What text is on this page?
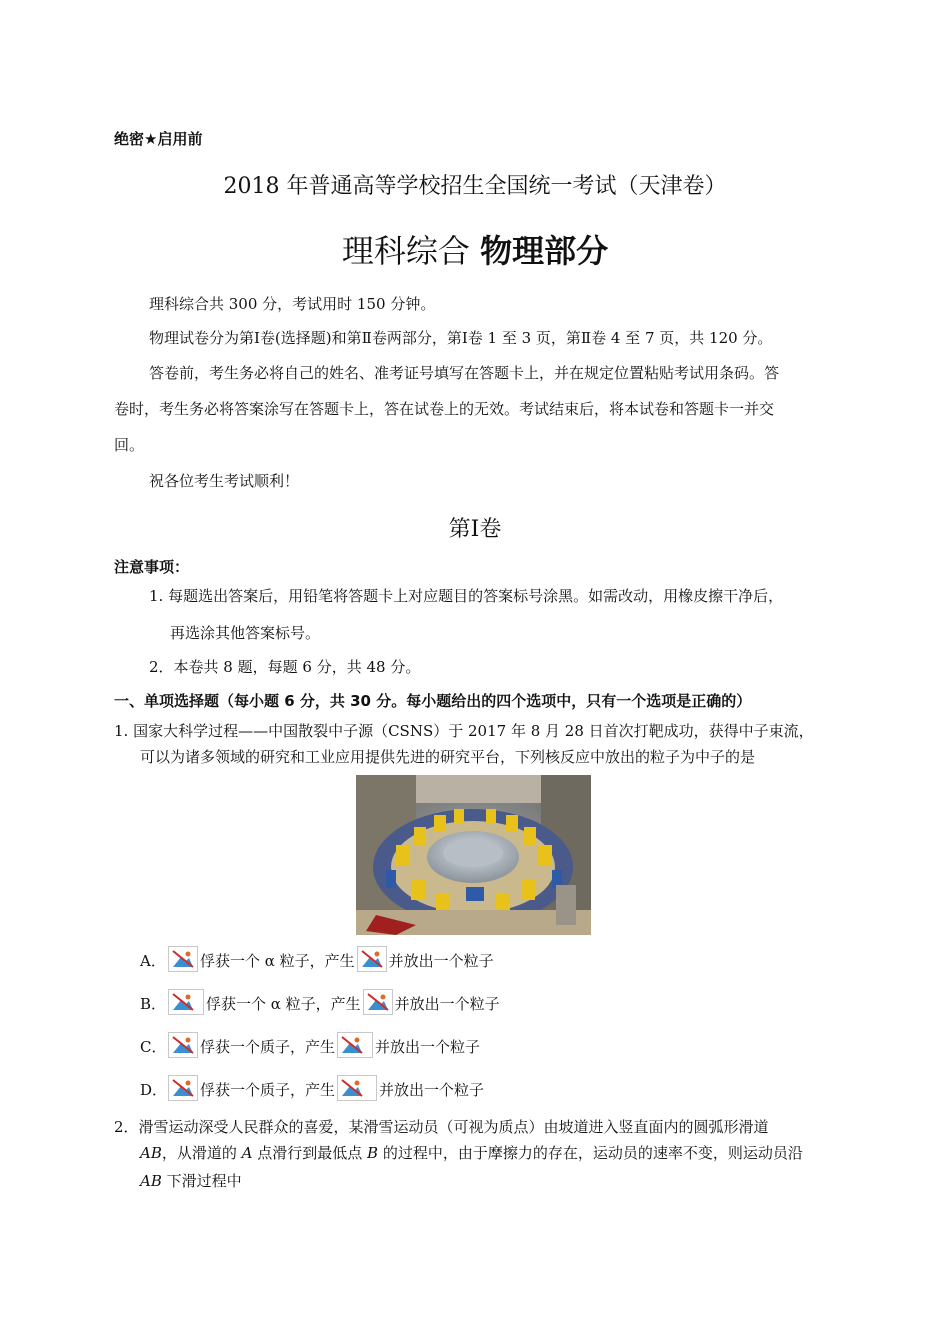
绝密★启用前
2018 年普通高等学校招生全国统一考试（天津卷）
理科综合 物理部分
理科综合共 300 分，考试用时 150 分钟。
物理试卷分为第Ⅰ卷(选择题)和第Ⅱ卷两部分，第Ⅰ卷 1 至 3 页，第Ⅱ卷 4 至 7 页，共 120 分。
答卷前，考生务必将自己的姓名、准考证号填写在答题卡上，并在规定位置粘贴考试用条码。答
卷时，考生务必将答案涂写在答题卡上，答在试卷上的无效。考试结束后，将本试卷和答题卡一并交
回。
祝各位考生考试顺利！
第Ⅰ卷
注意事项：
1. 每题选出答案后，用铅笔将答题卡上对应题目的答案标号涂黑。如需改动，用橡皮擦干净后，
再选涂其他答案标号。
2．本卷共 8 题，每题 6 分，共 48 分。
一、单项选择题（每小题 6 分，共 30 分。每小题给出的四个选项中，只有一个选项是正确的）
1. 国家大科学过程——中国散裂中子源（CSNS）于 2017 年 8 月 28 日首次打靶成功，获得中子束流，
可以为诸多领域的研究和工业应用提供先进的研究平台，下列核反应中放出的粒子为中子的是
A． 俘获一个 α 粒子，产生 并放出一个粒子
B．	俘获一个 α 粒子，产生 并放出一个粒子
C． 俘获一个质子，产生	并放出一个粒子
D． 俘获一个质子，产生	并放出一个粒子
2．滑雪运动深受人民群众的喜爱，某滑雪运动员（可视为质点）由坡道进入竖直面内的圆弧形滑道
AB，从滑道的 A 点滑行到最低点 B 的过程中，由于摩擦力的存在，运动员的速率不变，则运动员沿
AB 下滑过程中
